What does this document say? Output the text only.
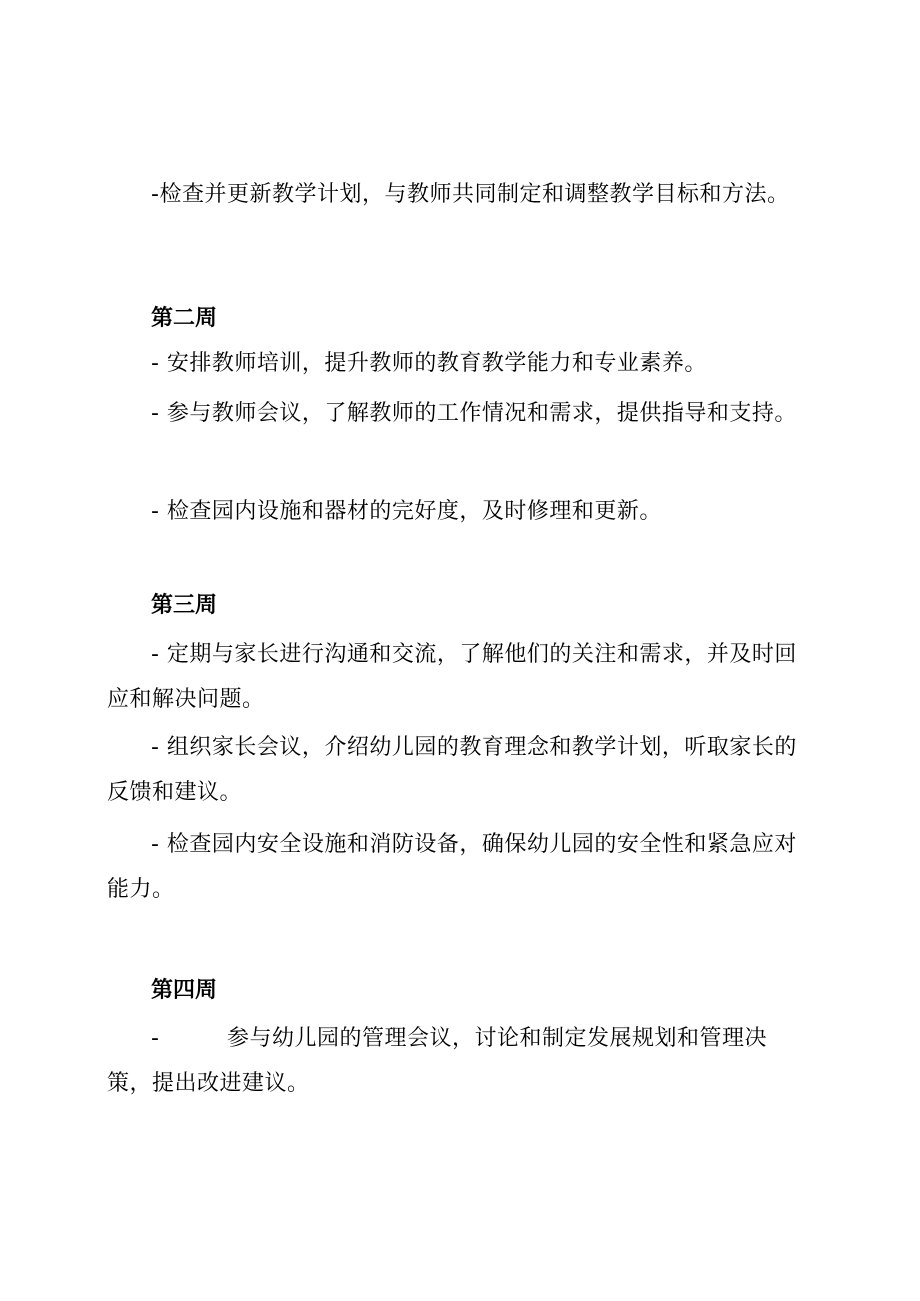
-检查并更新教学计划，与教师共同制定和调整教学目标和方法。

第二周

- 安排教师培训，提升教师的教育教学能力和专业素养。

- 参与教师会议，了解教师的工作情况和需求，提供指导和支持。

- 检查园内设施和器材的完好度，及时修理和更新。

第三周

- 定期与家长进行沟通和交流，了解他们的关注和需求，并及时回应和解决问题。

- 组织家长会议，介绍幼儿园的教育理念和教学计划，听取家长的反馈和建议。

- 检查园内安全设施和消防设备，确保幼儿园的安全性和紧急应对能力。

第四周

-　　　参与幼儿园的管理会议，讨论和制定发展规划和管理决策，提出改进建议。
